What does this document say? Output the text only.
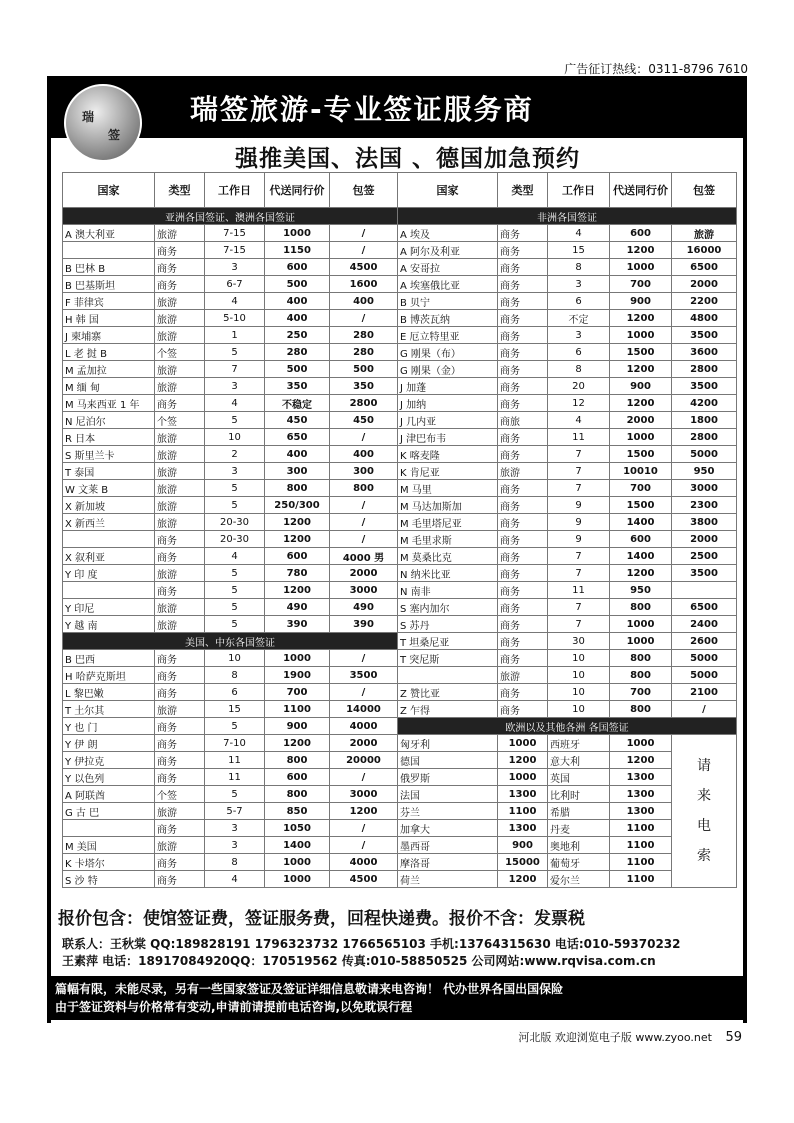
广告征订热线：0311-8796 7610
瑞
签
瑞签旅游-专业签证服务商
强推美国、法国 、德国加急预约
国家	类型	工作日	代送同行价	包签	国家	类型	工作日	代送同行价	包签
亚洲各国签证、澳洲各国签证					非洲各国签证				
A 澳大利亚	旅游	7-15	1000	/	A 埃及	商务	4	600	旅游
	商务	7-15	1150	/	A 阿尔及利亚	商务	15	1200	16000
B 巴林 B	商务	3	600	4500	A 安哥拉	商务	8	1000	6500
B 巴基斯坦	商务	6-7	500	1600	A 埃塞俄比亚	商务	3	700	2000
F 菲律宾	旅游	4	400	400	B 贝宁	商务	6	900	2200
H 韩 国	旅游	5-10	400	/	B 博茨瓦纳	商务	不定	1200	4800
J 柬埔寨	旅游	1	250	280	E 厄立特里亚	商务	3	1000	3500
L 老 挝 B	个签	5	280	280	G 刚果（布）	商务	6	1500	3600
M 孟加拉	旅游	7	500	500	G 刚果（金）	商务	8	1200	2800
M 缅 甸	旅游	3	350	350	J 加蓬	商务	20	900	3500
M 马来西亚 1 年	商务	4	不稳定	2800	J 加纳	商务	12	1200	4200
N 尼泊尔	个签	5	450	450	J 几内亚	商旅	4	2000	1800
R 日本	旅游	10	650	/	J 津巴布韦	商务	11	1000	2800
S 斯里兰卡	旅游	2	400	400	K 喀麦隆	商务	7	1500	5000
T 泰国	旅游	3	300	300	K 肯尼亚	旅游	7	10010	950
W 文莱 B	旅游	5	800	800	M 马里	商务	7	700	3000
X 新加坡	旅游	5	250/300	/	M 马达加斯加	商务	9	1500	2300
X 新西兰	旅游	20-30	1200	/	M 毛里塔尼亚	商务	9	1400	3800
	商务	20-30	1200	/	M 毛里求斯	商务	9	600	2000
X 叙利亚	商务	4	600	4000 男	M 莫桑比克	商务	7	1400	2500
Y 印 度	旅游	5	780	2000	N 纳米比亚	商务	7	1200	3500
	商务	5	1200	3000	N 南非	商务	11	950	
Y 印尼	旅游	5	490	490	S 塞内加尔	商务	7	800	6500
Y 越 南	旅游	5	390	390	S 苏丹	商务	7	1000	2400
美国、中东各国签证					T 坦桑尼亚	商务	30	1000	2600
B 巴西	商务	10	1000	/	T 突尼斯	商务	10	800	5000
H 哈萨克斯坦	商务	8	1900	3500		旅游	10	800	5000
L 黎巴嫩	商务	6	700	/	Z 赞比亚	商务	10	700	2100
T 土尔其	旅游	15	1100	14000	Z 乍得	商务	10	800	/
Y 也 门	商务	5	900	4000	欧洲以及其他各洲 各国签证				
Y 伊 朗	商务	7-10	1200	2000	匈牙利	1000	西班牙	1000	请
来
电
索
Y 伊拉克	商务	11	800	20000	德国	1200	意大利	1200	
Y 以色列	商务	11	600	/	俄罗斯	1000	英国	1300	
A 阿联酋	个签	5	800	3000	法国	1300	比利时	1300	
G 古 巴	旅游	5-7	850	1200	芬兰	1100	希腊	1300	
	商务	3	1050	/	加拿大	1300	丹麦	1100	
M 美国	旅游	3	1400	/	墨西哥	900	奥地利	1100	
K 卡塔尔	商务	8	1000	4000	摩洛哥	15000	葡萄牙	1100	
S 沙 特	商务	4	1000	4500	荷兰	1200	爱尔兰	1100	
报价包含：使馆签证费，签证服务费，回程快递费。报价不含：发票税
联系人：王秋棠 QQ:189828191 1796323732 1766565103 手机:13764315630 电话:010-59370232
王素萍 电话：18917084920QQ：170519562 传真:010-58850525 公司网站:www.rqvisa.com.cn
篇幅有限，未能尽录，另有一些国家签证及签证详细信息敬请来电咨询！ 代办世界各国出国保险
由于签证资料与价格常有变动,申请前请提前电话咨询,以免耽误行程
河北版 欢迎浏览电子版 www.zyoo.net 59
